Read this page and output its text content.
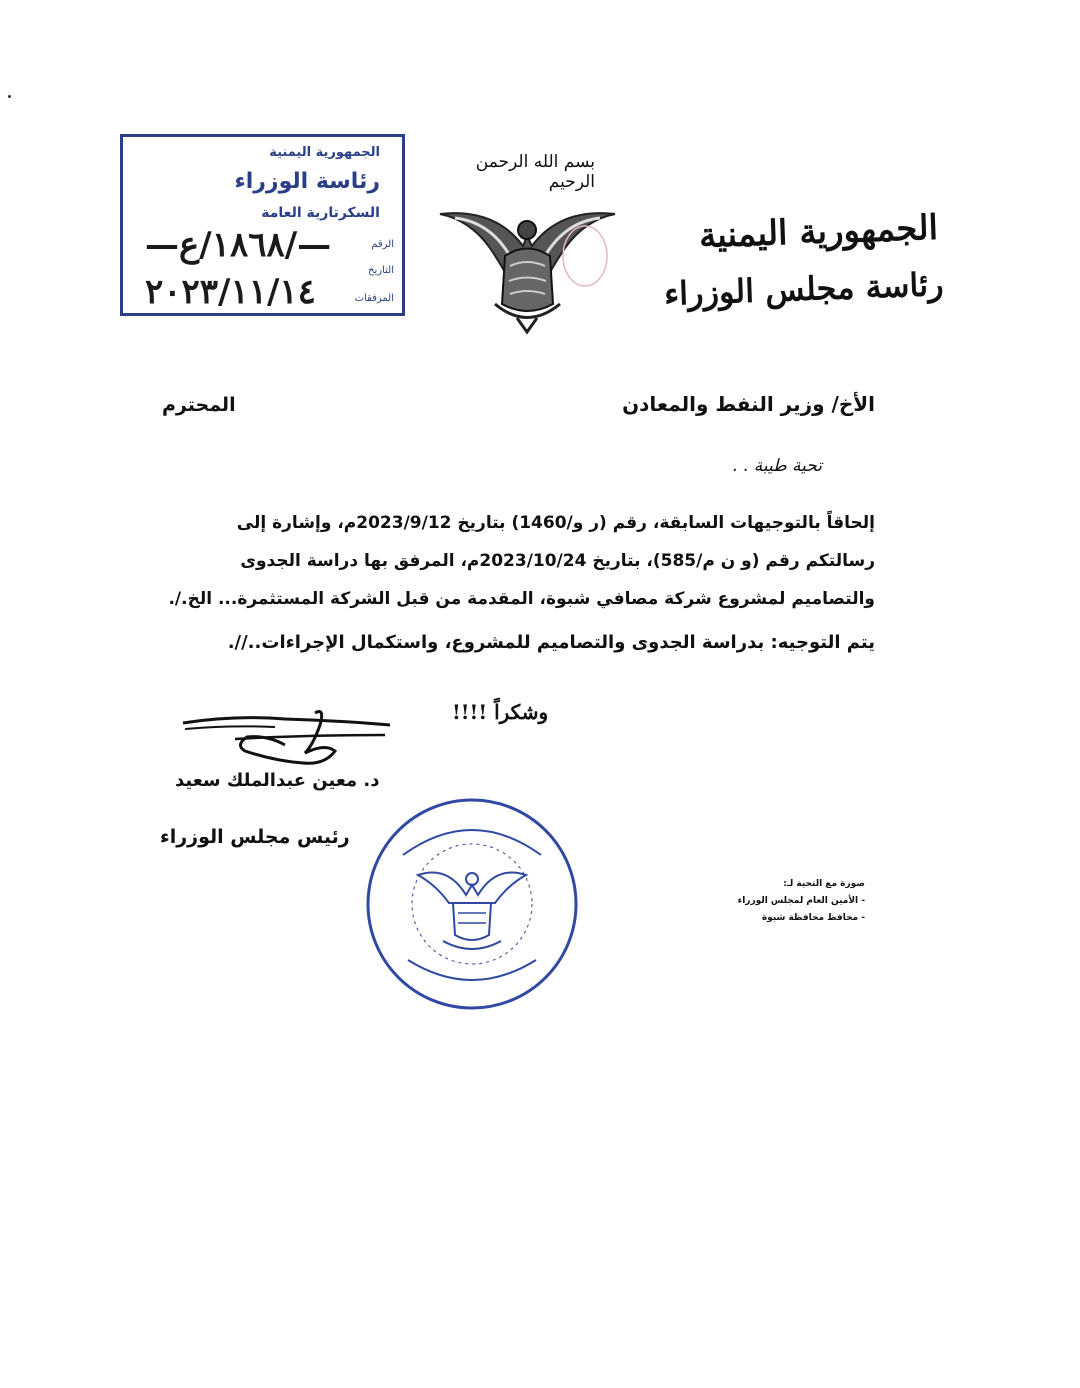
بسم الله الرحمن الرحيم
الجمهورية اليمنية
رئاسة مجلس الوزراء
الجمهورية اليمنية
رئاسة الوزراء
السكرتارية العامة
الرقم
التاريخ
المرفقات
—١٨٦٨/ع/—
٢٠٢٣/١١/١٤
الأخ/ وزير النفط والمعادن
المحترم
تحية طيبة . .
إلحاقاً بالتوجيهات السابقة، رقم (ر و/1460) بتاريخ 2023/9/12م، وإشارة إلى
رسالتكم رقم (و ن م/585)، بتاريخ 2023/10/24م، المرفق بها دراسة الجدوى
والتصاميم لمشروع شركة مصافي شبوة، المقدمة من قبل الشركة المستثمرة... الخ./.
يتم التوجيه: بدراسة الجدوى والتصاميم للمشروع، واستكمال الإجراءات..//.
وشكراً !!!!
د. معين عبدالملك سعيد
رئيس مجلس الوزراء
صورة مع التحية لـ:
- الأمين العام لمجلس الوزراء
- محافظ محافظة شبوة
